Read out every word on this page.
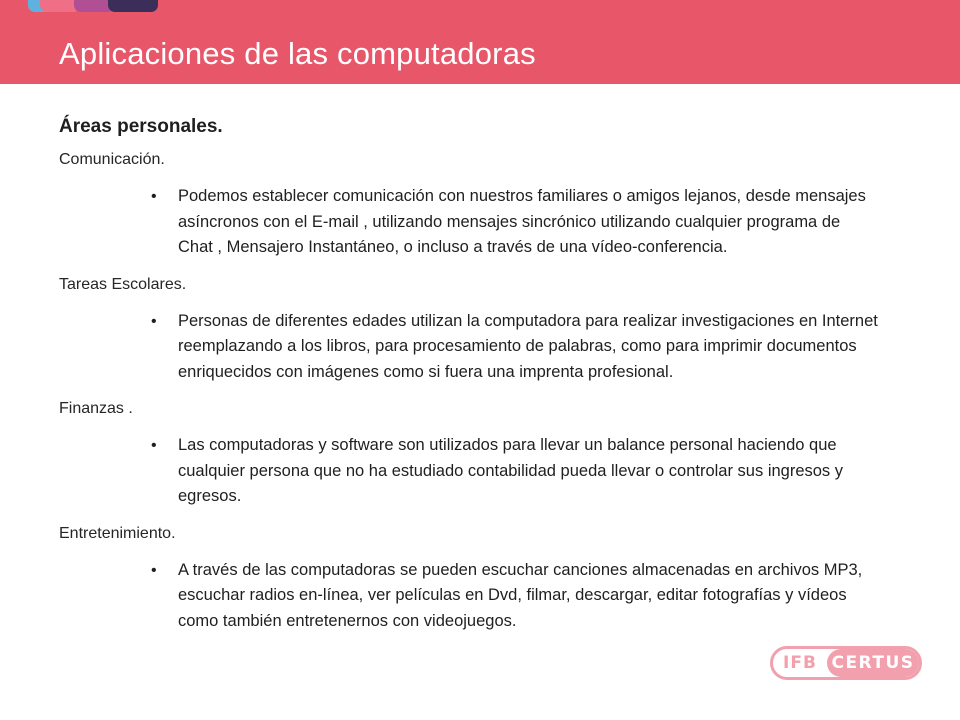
Aplicaciones de las computadoras
Áreas personales.
Comunicación.
• Podemos establecer comunicación con nuestros familiares o amigos lejanos, desde mensajes asíncronos con el E-mail , utilizando mensajes sincrónico utilizando cualquier programa de Chat , Mensajero Instantáneo, o incluso a través de una vídeo-conferencia.
Tareas Escolares.
• Personas de diferentes edades utilizan la computadora para realizar investigaciones en Internet reemplazando a los libros, para procesamiento de palabras, como para imprimir documentos enriquecidos con imágenes como si fuera una imprenta profesional.
Finanzas .
• Las computadoras y software son utilizados para llevar un balance personal haciendo que cualquier persona que no ha estudiado contabilidad pueda llevar o controlar sus ingresos y egresos.
Entretenimiento.
• A través de las computadoras se pueden escuchar canciones almacenadas en archivos MP3, escuchar radios en-línea, ver películas en Dvd, filmar, descargar, editar fotografías y vídeos como también entretenernos con videojuegos.
IFB CERTUS
